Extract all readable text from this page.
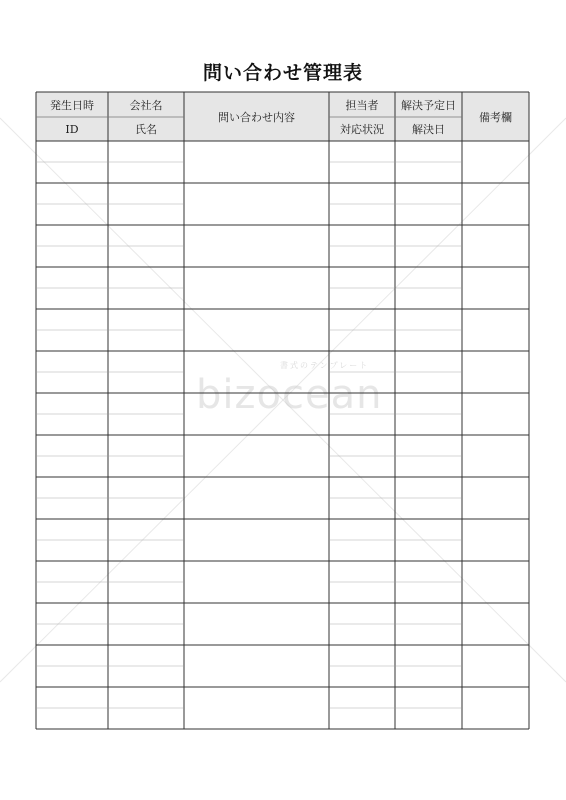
問い合わせ管理表
書式のテンプレート
bizocean
発生日時
ID
会社名
氏名
問い合わせ内容
担当者
対応状況
解決予定日
解決日
備考欄
